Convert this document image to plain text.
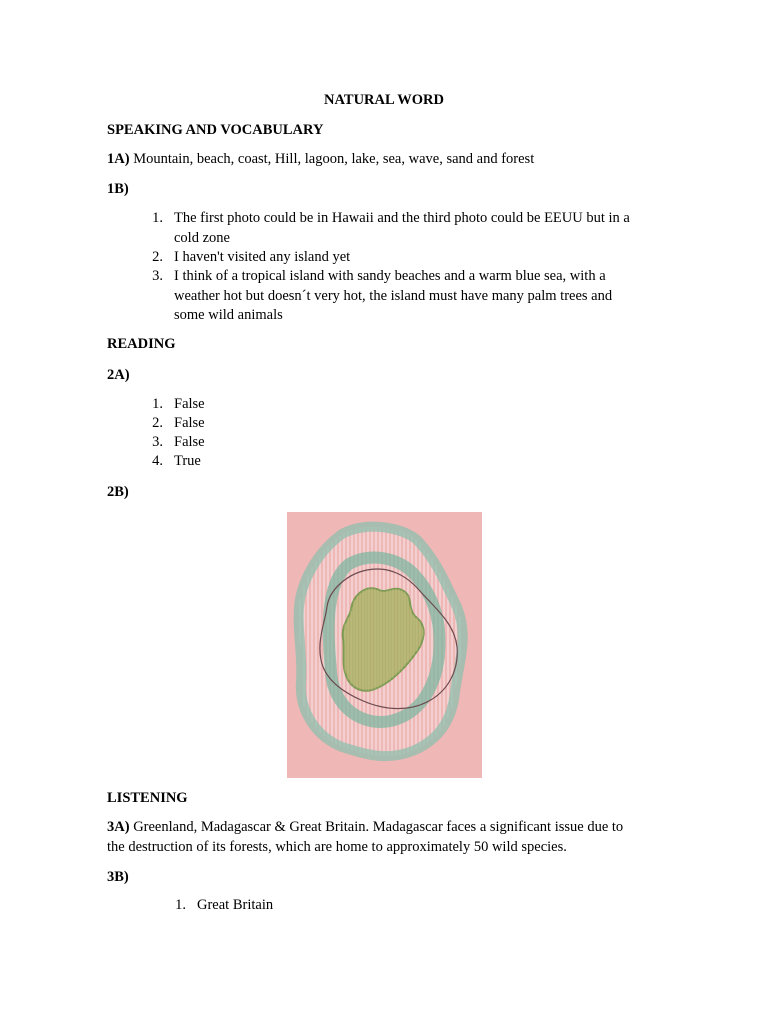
NATURAL WORD
SPEAKING AND VOCABULARY
1A) Mountain, beach, coast, Hill, lagoon, lake, sea, wave, sand and forest
1B)
1. The first photo could be in Hawaii and the third photo could be EEUU but in a
cold zone
2. I haven't visited any island yet
3. I think of a tropical island with sandy beaches and a warm blue sea, with a
weather hot but doesn´t very hot, the island must have many palm trees and
some wild animals
READING
2A)
1. False
2. False
3. False
4. True
2B)
LISTENING
3A) Greenland, Madagascar & Great Britain. Madagascar faces a significant issue due to
the destruction of its forests, which are home to approximately 50 wild species.
3B)
1. Great Britain
